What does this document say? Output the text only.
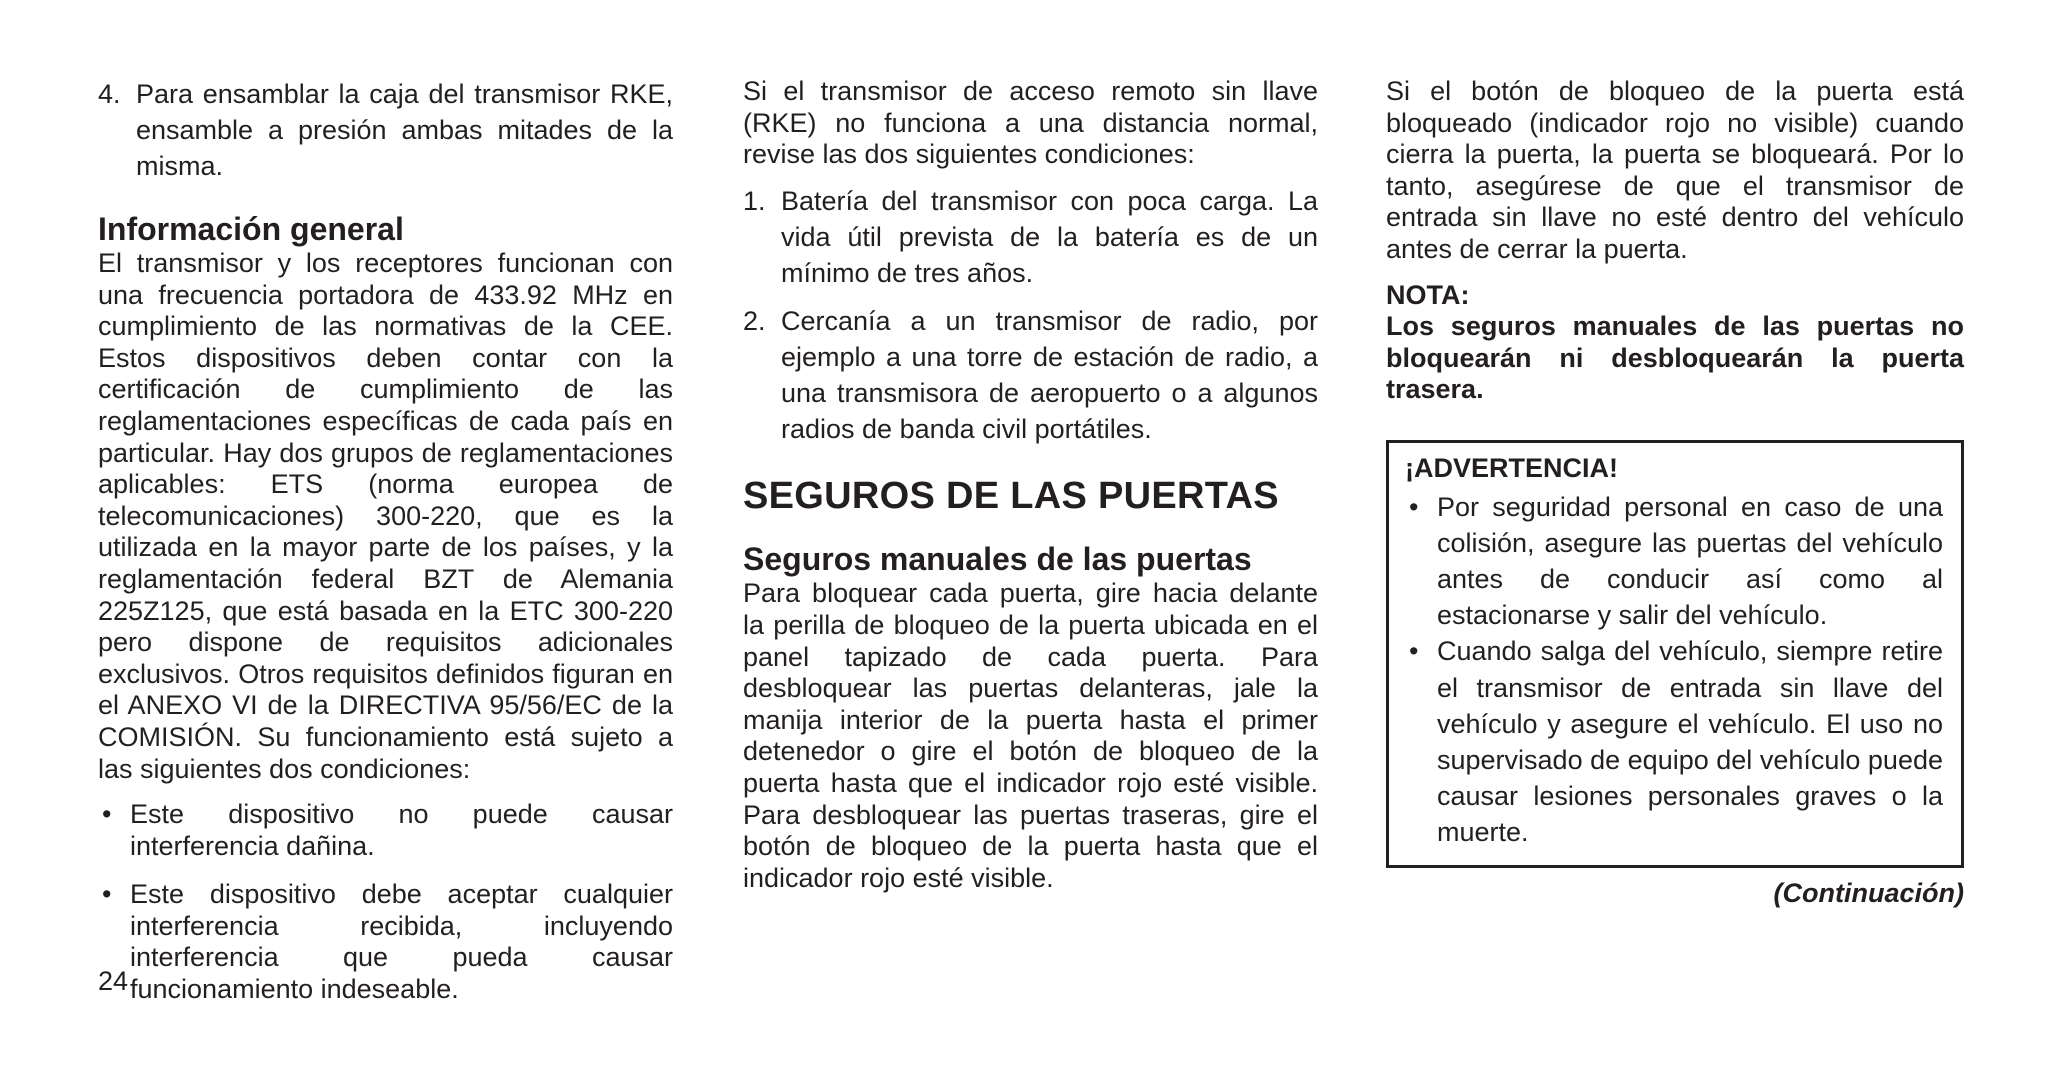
4. Para ensamblar la caja del transmisor RKE, ensamble a presión ambas mitades de la misma.
Información general

El transmisor y los receptores funcionan con una frecuencia portadora de 433.92 MHz en cumplimiento de las normativas de la CEE. Estos dispositivos deben contar con la certificación de cumplimiento de las reglamentaciones específicas de cada país en particular. Hay dos grupos de reglamentaciones aplicables: ETS (norma europea de telecomunicaciones) 300-220, que es la utilizada en la mayor parte de los países, y la reglamentación federal BZT de Alemania 225Z125, que está basada en la ETC 300-220 pero dispone de requisitos adicionales exclusivos. Otros requisitos definidos figuran en el ANEXO VI de la DIRECTIVA 95/56/EC de la COMISIÓN. Su funcionamiento está sujeto a las siguientes dos condiciones:

• Este dispositivo no puede causar interferencia dañina.
• Este dispositivo debe aceptar cualquier interferencia recibida, incluyendo interferencia que pueda causar funcionamiento indeseable.

Si el transmisor de acceso remoto sin llave (RKE) no funciona a una distancia normal, revise las dos siguientes condiciones:

1. Batería del transmisor con poca carga. La vida útil prevista de la batería es de un mínimo de tres años.
2. Cercanía a un transmisor de radio, por ejemplo a una torre de estación de radio, a una transmisora de aeropuerto o a algunos radios de banda civil portátiles.
SEGUROS DE LAS PUERTAS
Seguros manuales de las puertas

Para bloquear cada puerta, gire hacia delante la perilla de bloqueo de la puerta ubicada en el panel tapizado de cada puerta. Para desbloquear las puertas delanteras, jale la manija interior de la puerta hasta el primer detenedor o gire el botón de bloqueo de la puerta hasta que el indicador rojo esté visible. Para desbloquear las puertas traseras, gire el botón de bloqueo de la puerta hasta que el indicador rojo esté visible.

Si el botón de bloqueo de la puerta está bloqueado (indicador rojo no visible) cuando cierra la puerta, la puerta se bloqueará. Por lo tanto, asegúrese de que el transmisor de entrada sin llave no esté dentro del vehículo antes de cerrar la puerta.

NOTA:

Los seguros manuales de las puertas no bloquearán ni desbloquearán la puerta trasera.

¡ADVERTENCIA!

• Por seguridad personal en caso de una colisión, asegure las puertas del vehículo antes de conducir así como al estacionarse y salir del vehículo.
• Cuando salga del vehículo, siempre retire el transmisor de entrada sin llave del vehículo y asegure el vehículo. El uso no supervisado de equipo del vehículo puede causar lesiones personales graves o la muerte.
(Continuación)
24
